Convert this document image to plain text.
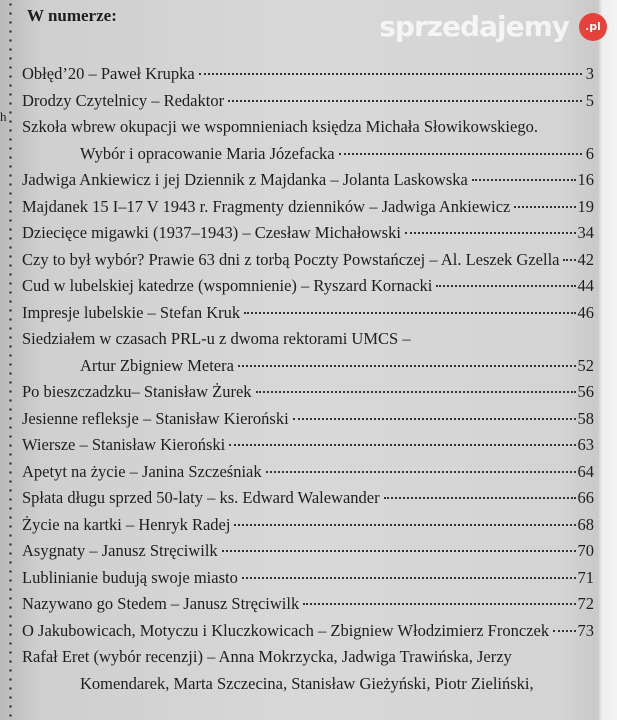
h
W numerze:
Obłęd’20 – Paweł Krupka	3
Drodzy Czytelnicy – Redaktor	5
Szkoła wbrew okupacji we wspomnieniach księdza Michała Słowikowskiego.
Wybór i opracowanie Maria Józefacka	6
Jadwiga Ankiewicz i jej Dziennik z Majdanka – Jolanta Laskowska	16
Majdanek 15 I–17 V 1943 r. Fragmenty dzienników – Jadwiga Ankiewicz	19
Dziecięce migawki (1937–1943) – Czesław Michałowski	34
Czy to był wybór? Prawie 63 dni z torbą Poczty Powstańczej – Al. Leszek Gzella 42
Cud w lubelskiej katedrze (wspomnienie) – Ryszard Kornacki	44
Impresje lubelskie – Stefan Kruk	46
Siedziałem w czasach PRL-u z dwoma rektorami UMCS –
Artur Zbigniew Metera	52
Po bieszczadzku– Stanisław Żurek	56
Jesienne refleksje – Stanisław Kieroński	58
Wiersze – Stanisław Kieroński	63
Apetyt na życie – Janina Szcześniak	64
Spłata długu sprzed 50-laty – ks. Edward Walewander	66
Życie na kartki – Henryk Radej	68
Asygnaty – Janusz Stręciwilk	70
Lublinianie budują swoje miasto	71
Nazywano go Stedem – Janusz Stręciwilk	72
O Jakubowicach, Motyczu i Kluczkowicach – Zbigniew Włodzimierz Fronczek 73
Rafał Eret (wybór recenzji) – Anna Mokrzycka, Jadwiga Trawińska, Jerzy
Komendarek, Marta Szczecina, Stanisław Gieżyński, Piotr Zieliński,
sprzedajemy	.pl
